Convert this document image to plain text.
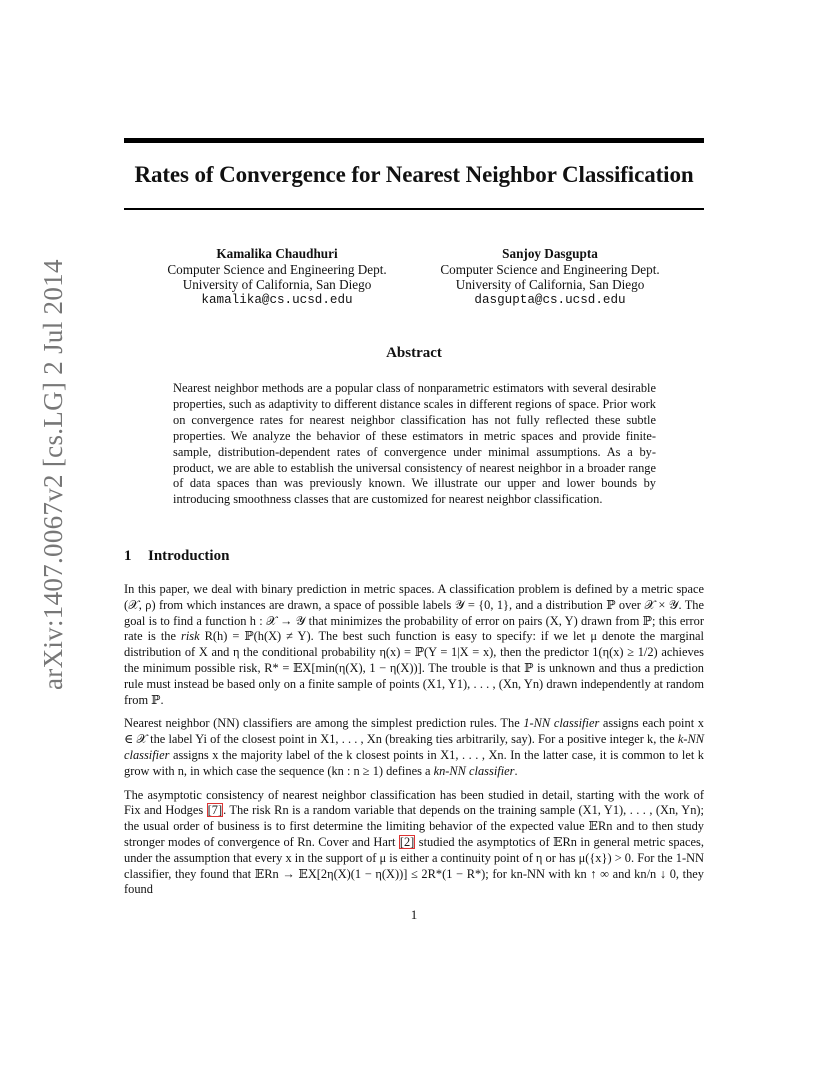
arXiv:1407.0067v2 [cs.LG] 2 Jul 2014
Rates of Convergence for Nearest Neighbor Classification
Kamalika Chaudhuri
Computer Science and Engineering Dept.
University of California, San Diego
kamalika@cs.ucsd.edu
Sanjoy Dasgupta
Computer Science and Engineering Dept.
University of California, San Diego
dasgupta@cs.ucsd.edu
Abstract
Nearest neighbor methods are a popular class of nonparametric estimators with several desirable properties, such as adaptivity to different distance scales in different regions of space. Prior work on convergence rates for nearest neighbor classification has not fully reflected these subtle properties. We analyze the behavior of these estimators in metric spaces and provide finite-sample, distribution-dependent rates of convergence under minimal assumptions. As a by-product, we are able to establish the universal consistency of nearest neighbor in a broader range of data spaces than was previously known. We illustrate our upper and lower bounds by introducing smoothness classes that are customized for nearest neighbor classification.
1 Introduction

In this paper, we deal with binary prediction in metric spaces. A classification problem is defined by a metric space (𝒳, ρ) from which instances are drawn, a space of possible labels 𝒴 = {0, 1}, and a distribution ℙ over 𝒳 × 𝒴. The goal is to find a function h : 𝒳 → 𝒴 that minimizes the probability of error on pairs (X, Y) drawn from ℙ; this error rate is the risk R(h) = ℙ(h(X) ≠ Y). The best such function is easy to specify: if we let μ denote the marginal distribution of X and η the conditional probability η(x) = ℙ(Y = 1|X = x), then the predictor 1(η(x) ≥ 1/2) achieves the minimum possible risk, R* = 𝔼X[min(η(X), 1 − η(X))]. The trouble is that ℙ is unknown and thus a prediction rule must instead be based only on a finite sample of points (X1, Y1), . . . , (Xn, Yn) drawn independently at random from ℙ.

Nearest neighbor (NN) classifiers are among the simplest prediction rules. The 1-NN classifier assigns each point x ∈ 𝒳 the label Yi of the closest point in X1, . . . , Xn (breaking ties arbitrarily, say). For a positive integer k, the k-NN classifier assigns x the majority label of the k closest points in X1, . . . , Xn. In the latter case, it is common to let k grow with n, in which case the sequence (kn : n ≥ 1) defines a kn-NN classifier.

The asymptotic consistency of nearest neighbor classification has been studied in detail, starting with the work of Fix and Hodges [7]. The risk Rn is a random variable that depends on the training sample (X1, Y1), . . . , (Xn, Yn); the usual order of business is to first determine the limiting behavior of the expected value 𝔼Rn and to then study stronger modes of convergence of Rn. Cover and Hart [2] studied the asymptotics of 𝔼Rn in general metric spaces, under the assumption that every x in the support of μ is either a continuity point of η or has μ({x}) > 0. For the 1-NN classifier, they found that 𝔼Rn → 𝔼X[2η(X)(1 − η(X))] ≤ 2R*(1 − R*); for kn-NN with kn ↑ ∞ and kn/n ↓ 0, they found

1
